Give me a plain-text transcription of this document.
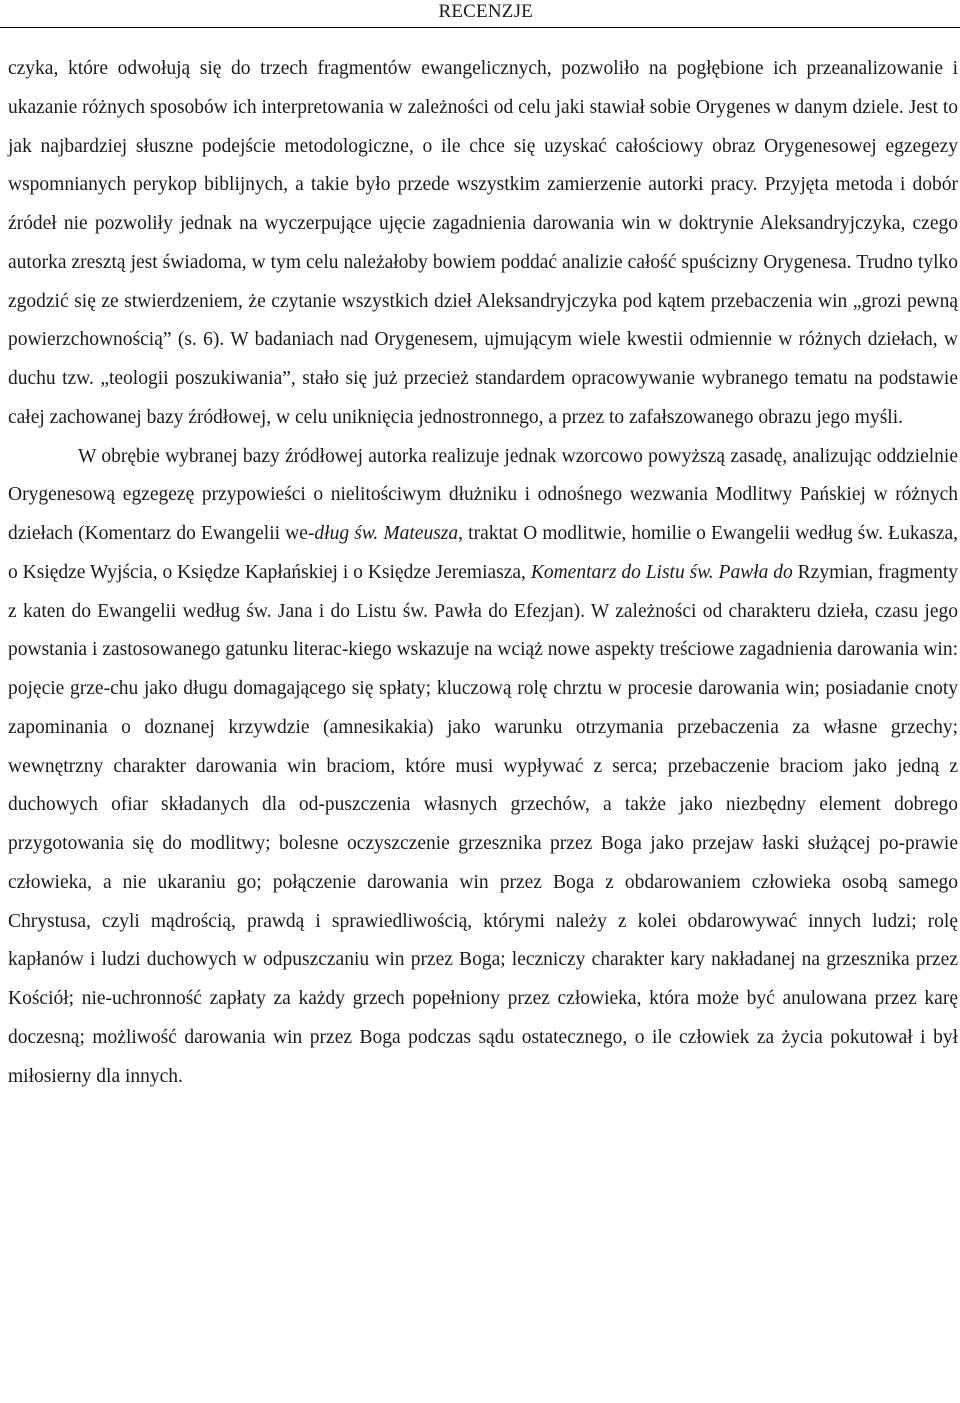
RECENZJE

czyka, które odwołują się do trzech fragmentów ewangelicznych, pozwoliło na pogłębione ich przeanalizowanie i ukazanie różnych sposobów ich interpretowania w zależności od celu jaki stawiał sobie Orygenes w danym dziele. Jest to jak najbardziej słuszne podejście metodologiczne, o ile chce się uzyskać całościowy obraz Orygenesowej egzegezy wspomnianych perykop biblijnych, a takie było przede wszystkim zamierzenie autorki pracy. Przyjęta metoda i dobór źródeł nie pozwoliły jednak na wyczerpujące ujęcie zagadnienia darowania win w doktrynie Aleksandryjczyka, czego autorka zresztą jest świadoma, w tym celu należałoby bowiem poddać analizie całość spuścizny Orygenesa. Trudno tylko zgodzić się ze stwierdzeniem, że czytanie wszystkich dzieł Aleksandryjczyka pod kątem przebaczenia win „grozi pewną powierzchownością” (s. 6). W badaniach nad Orygenesem, ujmującym wiele kwestii odmiennie w różnych dziełach, w duchu tzw. „teologii poszukiwania”, stało się już przecież standardem opracowywanie wybranego tematu na podstawie całej zachowanej bazy źródłowej, w celu uniknięcia jednostronnego, a przez to zafałszowanego obrazu jego myśli.

W obrębie wybranej bazy źródłowej autorka realizuje jednak wzorcowo powyższą zasadę, analizując oddzielnie Orygenesową egzegezę przypowieści o nielitościwym dłużniku i odnośnego wezwania Modlitwy Pańskiej w różnych dziełach (Komentarz do Ewangelii we-dług św. Mateusza, traktat O modlitwie, homilie o Ewangelii według św. Łukasza, o Księdze Wyjścia, o Księdze Kapłańskiej i o Księdze Jeremiasza, Komentarz do Listu św. Pawła do Rzymian, fragmenty z katen do Ewangelii według św. Jana i do Listu św. Pawła do Efezjan). W zależności od charakteru dzieła, czasu jego powstania i zastosowanego gatunku literac-kiego wskazuje na wciąż nowe aspekty treściowe zagadnienia darowania win: pojęcie grze-chu jako długu domagającego się spłaty; kluczową rolę chrztu w procesie darowania win; posiadanie cnoty zapominania o doznanej krzywdzie (amnesikakia) jako warunku otrzymania przebaczenia za własne grzechy; wewnętrzny charakter darowania win braciom, które musi wypływać z serca; przebaczenie braciom jako jedną z duchowych ofiar składanych dla od-puszczenia własnych grzechów, a także jako niezbędny element dobrego przygotowania się do modlitwy; bolesne oczyszczenie grzesznika przez Boga jako przejaw łaski służącej po-prawie człowieka, a nie ukaraniu go; połączenie darowania win przez Boga z obdarowaniem człowieka osobą samego Chrystusa, czyli mądrością, prawdą i sprawiedliwością, którymi należy z kolei obdarowywać innych ludzi; rolę kapłanów i ludzi duchowych w odpuszczaniu win przez Boga; leczniczy charakter kary nakładanej na grzesznika przez Kościół; nie-uchronność zapłaty za każdy grzech popełniony przez człowieka, która może być anulowana przez karę doczesną; możliwość darowania win przez Boga podczas sądu ostatecznego, o ile człowiek za życia pokutował i był miłosierny dla innych.
